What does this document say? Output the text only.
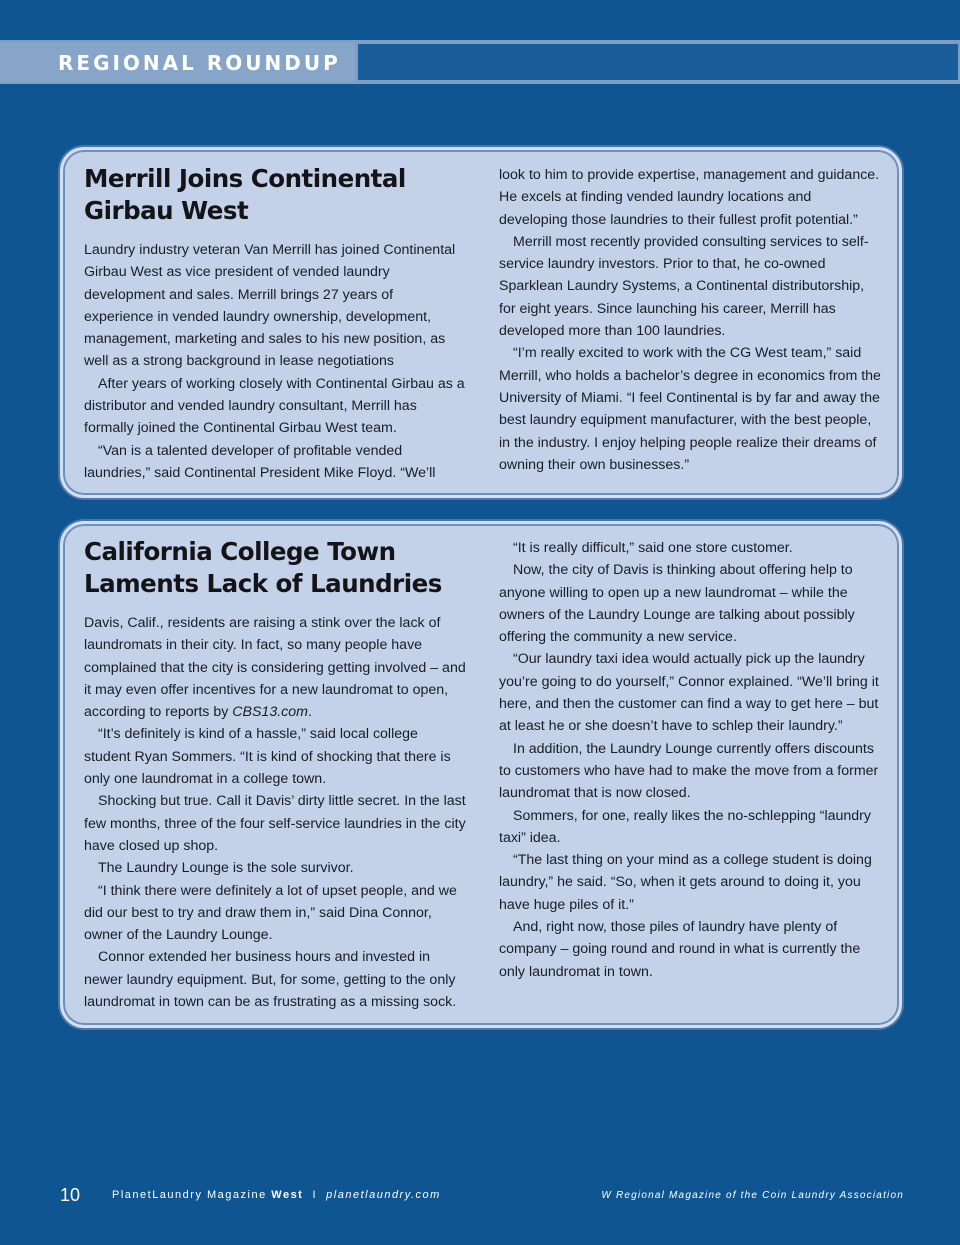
REGIONAL ROUNDUP
Merrill Joins Continental
Girbau West

Laundry industry veteran Van Merrill has joined Continental Girbau West as vice president of vended laundry development and sales. Merrill brings 27 years of experience in vended laundry ownership, development, management, marketing and sales to his new position, as well as a strong background in lease negotiations

After years of working closely with Continental Girbau as a distributor and vended laundry consultant, Merrill has formally joined the Continental Girbau West team.

“Van is a talented developer of profitable vended laundries,” said Continental President Mike Floyd. “We’ll

look to him to provide expertise, management and guidance. He excels at finding vended laundry locations and developing those laundries to their fullest profit potential.”

Merrill most recently provided consulting services to self-service laundry investors. Prior to that, he co-owned Sparklean Laundry Systems, a Continental distributorship, for eight years. Since launching his career, Merrill has developed more than 100 laundries.

“I’m really excited to work with the CG West team,” said Merrill, who holds a bachelor’s degree in economics from the University of Miami. “I feel Continental is by far and away the best laundry equipment manufacturer, with the best people, in the industry. I enjoy helping people realize their dreams of owning their own businesses.”

California College Town
Laments Lack of Laundries

Davis, Calif., residents are raising a stink over the lack of laundromats in their city. In fact, so many people have complained that the city is considering getting involved – and it may even offer incentives for a new laundromat to open, according to reports by CBS13.com.

“It’s definitely is kind of a hassle,” said local college student Ryan Sommers. “It is kind of shocking that there is only one laundromat in a college town.

Shocking but true. Call it Davis’ dirty little secret. In the last few months, three of the four self-service laundries in the city have closed up shop.

The Laundry Lounge is the sole survivor.

“I think there were definitely a lot of upset people, and we did our best to try and draw them in,” said Dina Connor, owner of the Laundry Lounge.

Connor extended her business hours and invested in newer laundry equipment. But, for some, getting to the only laundromat in town can be as frustrating as a missing sock.

“It is really difficult,” said one store customer.

Now, the city of Davis is thinking about offering help to anyone willing to open up a new laundromat – while the owners of the Laundry Lounge are talking about possibly offering the community a new service.

“Our laundry taxi idea would actually pick up the laundry you’re going to do yourself,” Connor explained. “We’ll bring it here, and then the customer can find a way to get here – but at least he or she doesn’t have to schlep their laundry.”

In addition, the Laundry Lounge currently offers discounts to customers who have had to make the move from a former laundromat that is now closed.

Sommers, for one, really likes the no-schlepping “laundry taxi” idea.

“The last thing on your mind as a college student is doing laundry,” he said. “So, when it gets around to doing it, you have huge piles of it.”

And, right now, those piles of laundry have plenty of company – going round and round in what is currently the only laundromat in town.

10	PlanetLaundry Magazine West I planetlaundry.com	W Regional Magazine of the Coin Laundry Association
